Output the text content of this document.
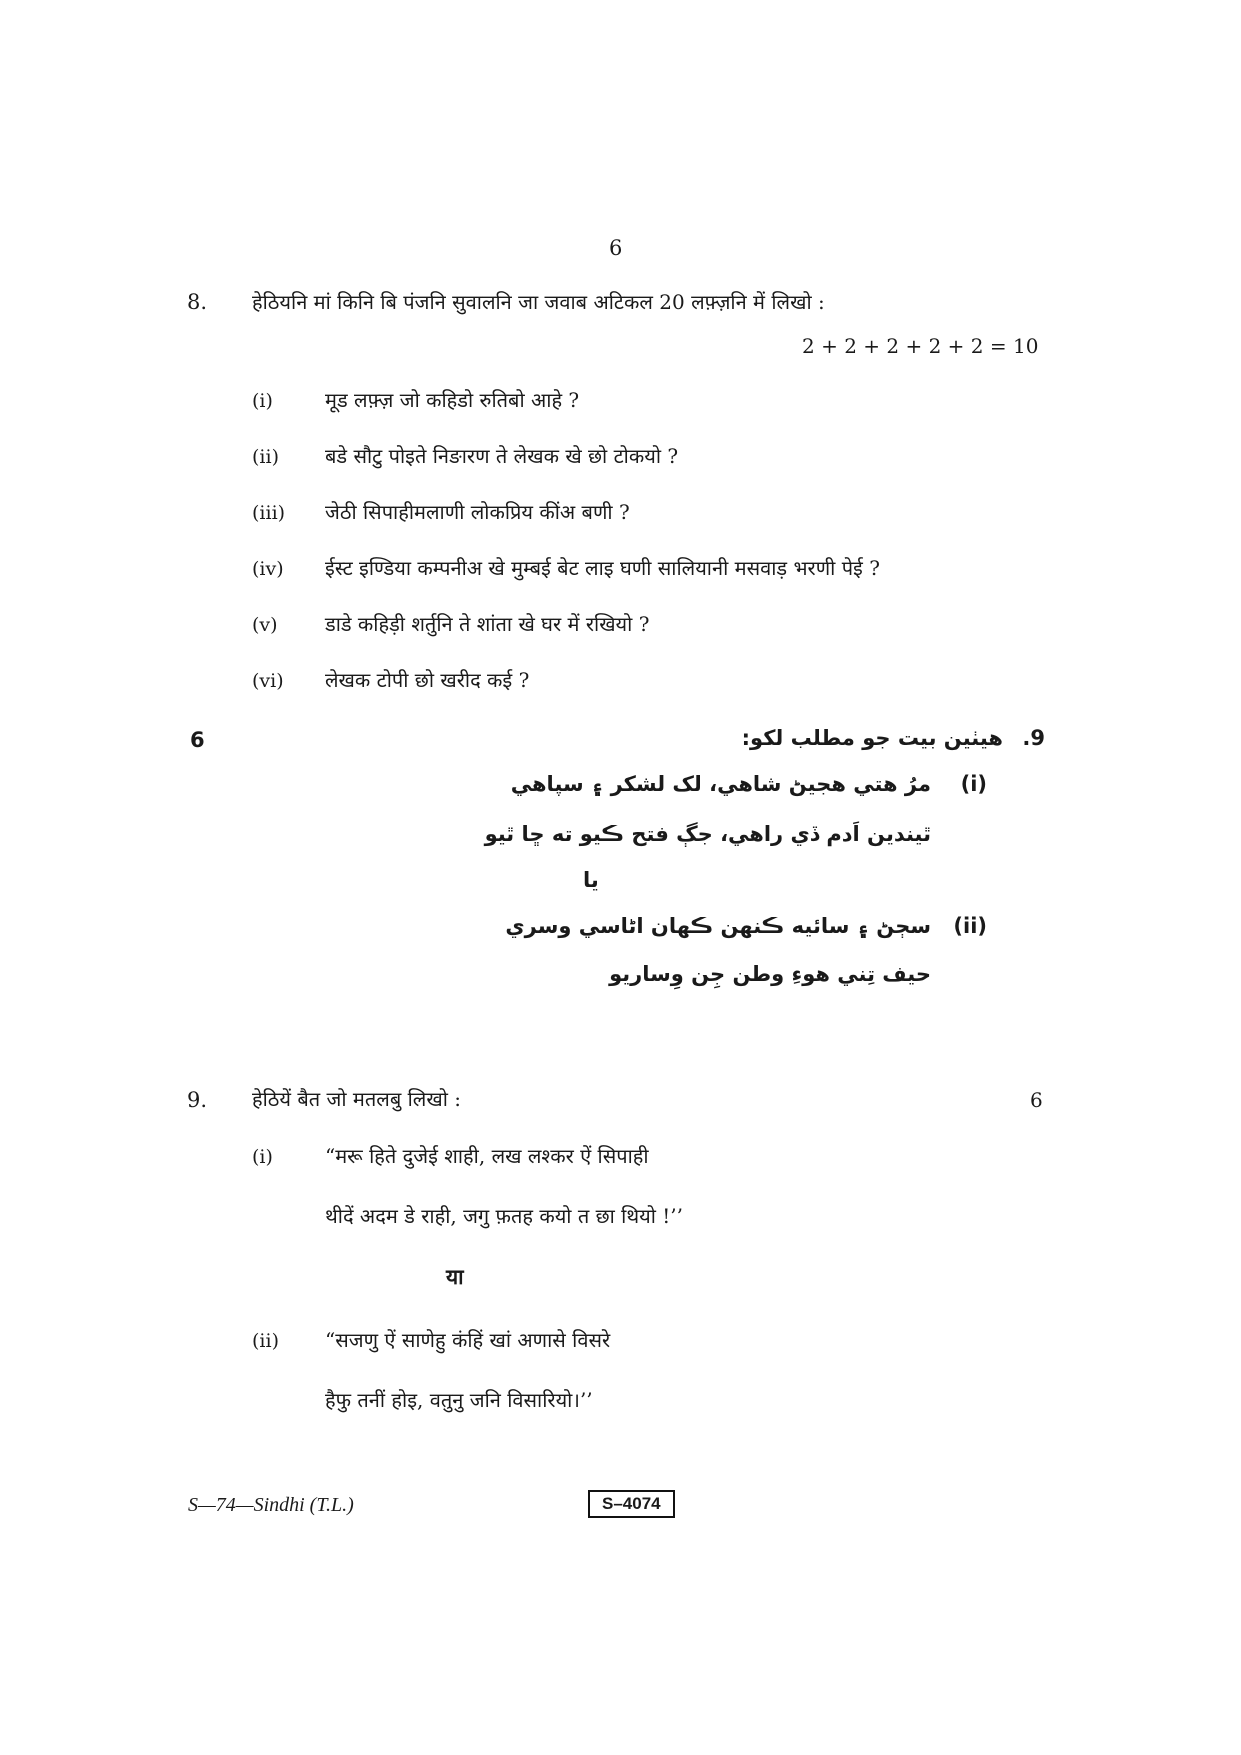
6
8. हेठियनि मां किनि बि पंजनि सुवालनि जा जवाब अटिकल 20 लफ़्ज़नि में लिखो :
2 + 2 + 2 + 2 + 2 = 10
(i)	मूड लफ़्ज़ जो कहिडो रुतिबो आहे ?
(ii) बडे सौटु पोइते निङारण ते लेखक खे छो टोकयो ?
(iii) जेठी सिपाहीमलाणी लोकप्रिय कींअ बणी ?
(iv) ईस्ट इण्डिया कम्पनीअ खे मुम्बई बेट लाइ घणी सालियानी मसवाड़ भरणी पेई ?
(v) डाडे कहिड़ी शर्तुनि ते शांता खे घर में रखियो ?
(vi) लेखक टोपी छो खरीद कई ?
6	.9
هيٺين بيت جو مطلب لکو:
(i)
مرُ هتي هجيڻ شاهي، لک لشکر ۽ سپاهي
ٿيندين اَدم ڏي راهي، جڳ فتح ڪيو ته ڇا ٿيو
يا
(ii)
سڄڻ ۽ سائيه ڪنهن ڪهان اڻاسي وسري
حيف تِني هوءِ وطن جِن وِساريو
9. हेठियें बैत जो मतलबु लिखो :	6
(i)	“मरू हिते दुजेई शाही, लख लश्कर ऐं सिपाही
थीदें अदम डे राही, जगु फ़तह कयो त छा थियो !’’
या
(ii) “सजणु ऐं साणेहु कंहिं खां अणासे विसरे
हैफु तनीं होइ, वतुनु जनि विसारियो।’’
S—74—Sindhi (T.L.)	S–4074
